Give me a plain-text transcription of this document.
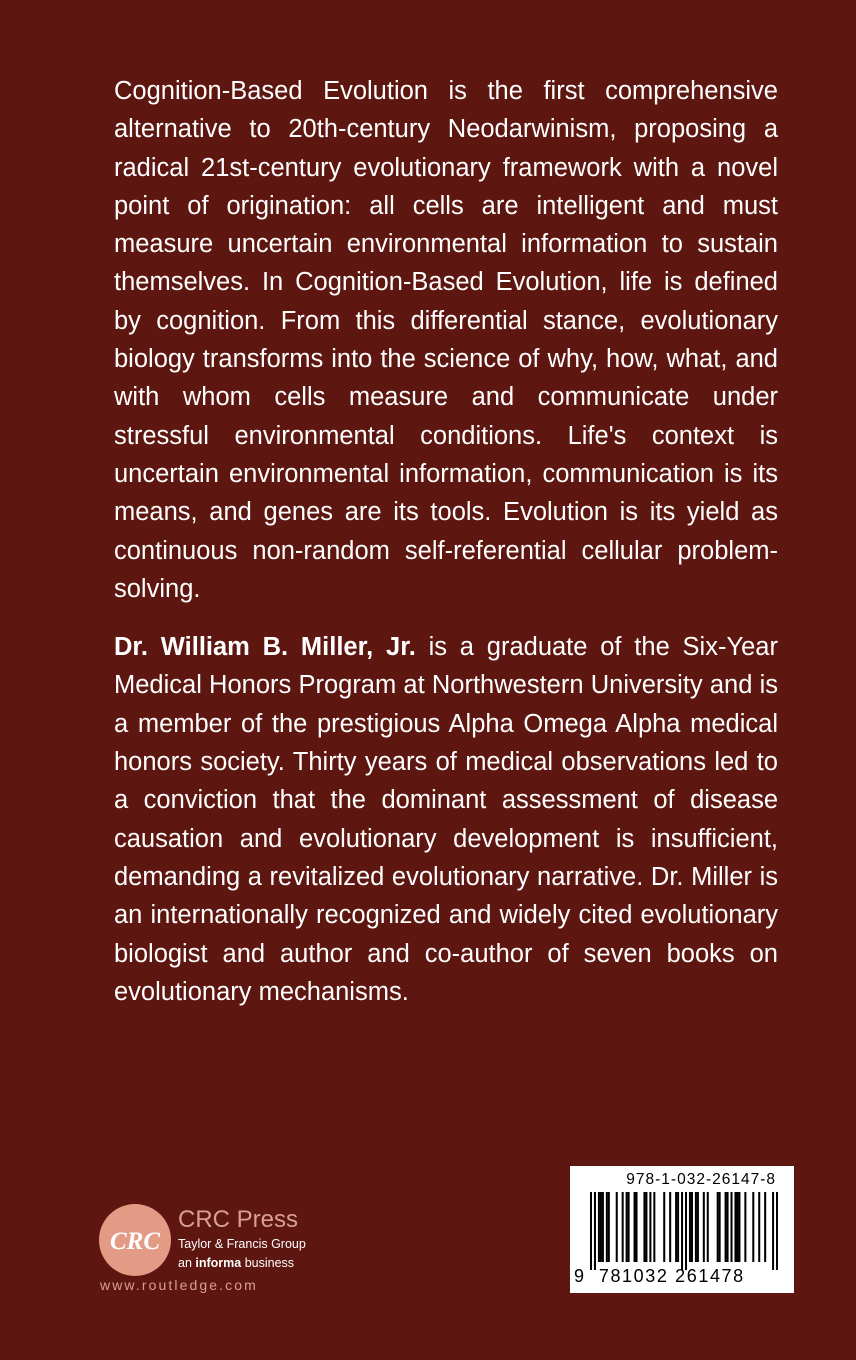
Cognition-Based Evolution is the first comprehensive alternative to 20th-century Neodarwinism, proposing a radical 21st-century evolutionary framework with a novel point of origination: all cells are intelligent and must measure uncertain environmental information to sustain themselves. In Cognition-Based Evolution, life is defined by cognition. From this differential stance, evolutionary biology transforms into the science of why, how, what, and with whom cells measure and communicate under stressful environmental conditions. Life's context is uncertain environmental information, communication is its means, and genes are its tools. Evolution is its yield as continuous non-random self-referential cellular problem-solving.

Dr. William B. Miller, Jr. is a graduate of the Six-Year Medical Honors Program at Northwestern University and is a member of the prestigious Alpha Omega Alpha medical honors society. Thirty years of medical observations led to a conviction that the dominant assessment of disease causation and evolutionary development is insufficient, demanding a revitalized evolutionary narrative. Dr. Miller is an internationally recognized and widely cited evolutionary biologist and author and co-author of seven books on evolutionary mechanisms.

CRC
CRC Press
Taylor & Francis Group
an informa business
www.routledge.com
978-1-032-26147-8
9 781032 261478
